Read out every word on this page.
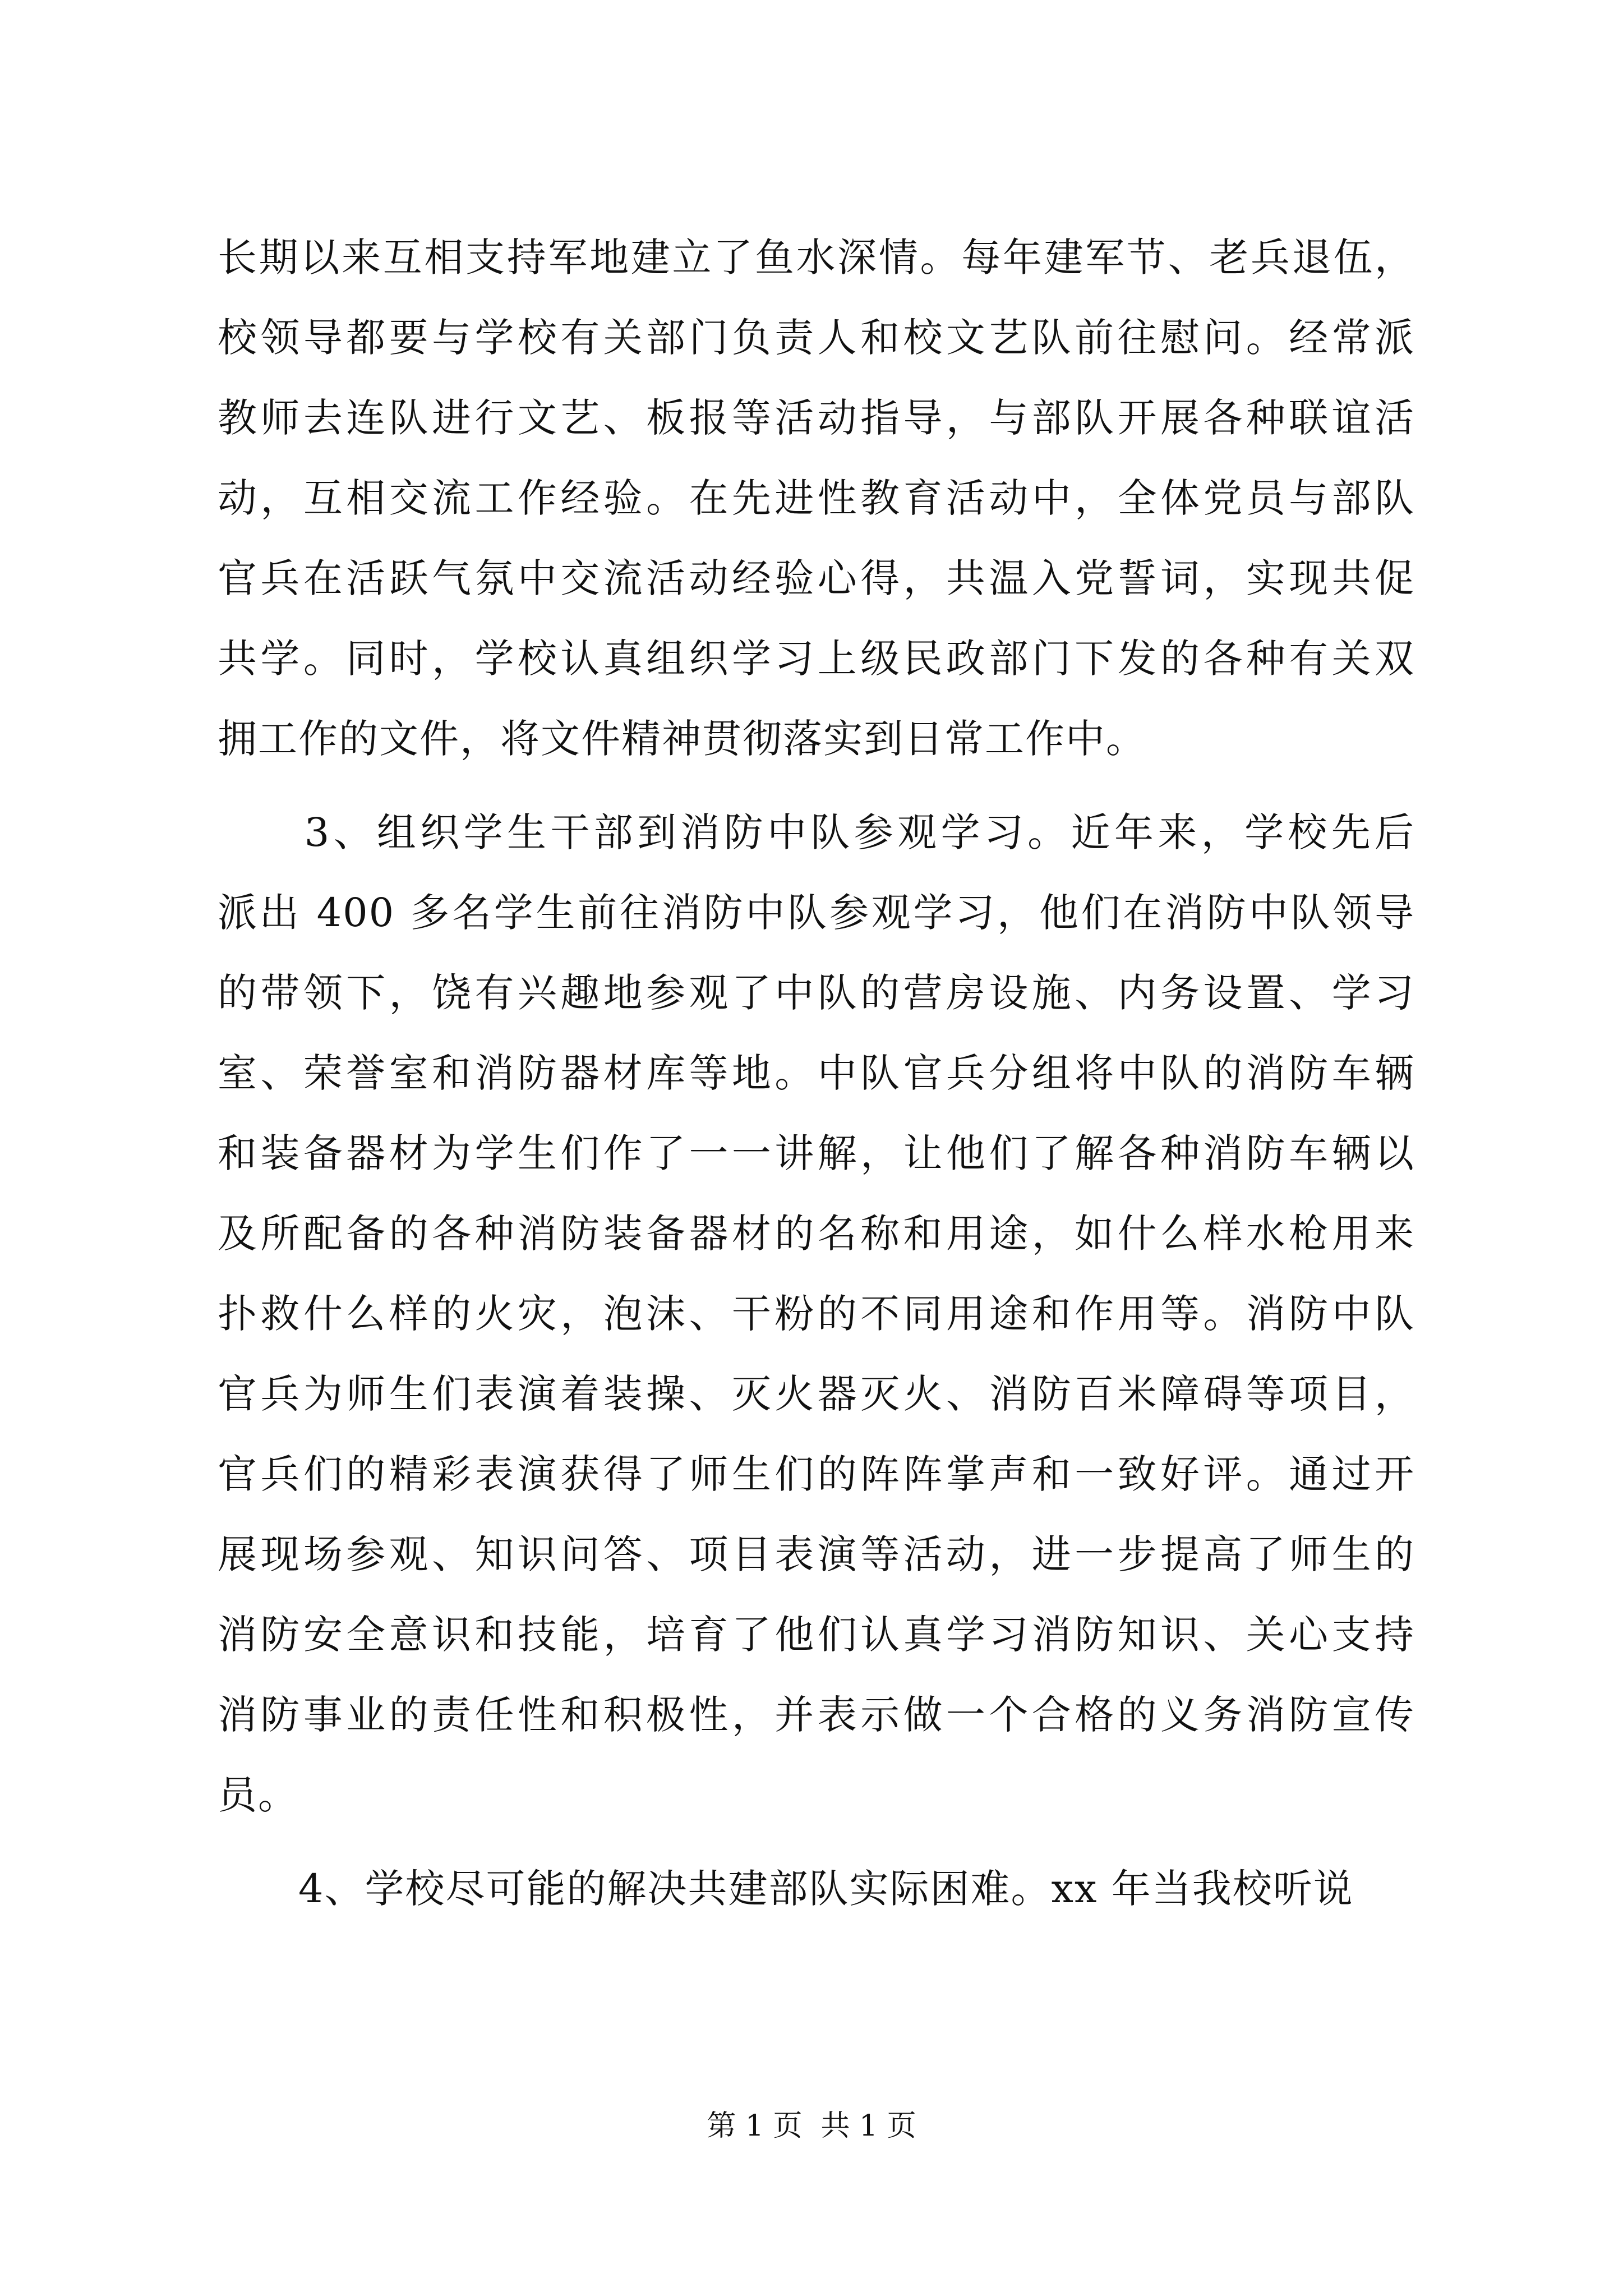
长期以来互相支持军地建立了鱼水深情。每年建军节、老兵退伍，
校领导都要与学校有关部门负责人和校文艺队前往慰问。经常派
教师去连队进行文艺、板报等活动指导，与部队开展各种联谊活
动，互相交流工作经验。在先进性教育活动中，全体党员与部队
官兵在活跃气氛中交流活动经验心得，共温入党誓词，实现共促
共学。同时，学校认真组织学习上级民政部门下发的各种有关双
拥工作的文件，将文件精神贯彻落实到日常工作中。
　　3、组织学生干部到消防中队参观学习。近年来，学校先后
派出 400 多名学生前往消防中队参观学习，他们在消防中队领导
的带领下，饶有兴趣地参观了中队的营房设施、内务设置、学习
室、荣誉室和消防器材库等地。中队官兵分组将中队的消防车辆
和装备器材为学生们作了一一讲解，让他们了解各种消防车辆以
及所配备的各种消防装备器材的名称和用途，如什么样水枪用来
扑救什么样的火灾，泡沫、干粉的不同用途和作用等。消防中队
官兵为师生们表演着装操、灭火器灭火、消防百米障碍等项目，
官兵们的精彩表演获得了师生们的阵阵掌声和一致好评。通过开
展现场参观、知识问答、项目表演等活动，进一步提高了师生的
消防安全意识和技能，培育了他们认真学习消防知识、关心支持
消防事业的责任性和积极性，并表示做一个合格的义务消防宣传
员。
　　4、学校尽可能的解决共建部队实际困难。xx 年当我校听说
第 1 页  共 1 页
